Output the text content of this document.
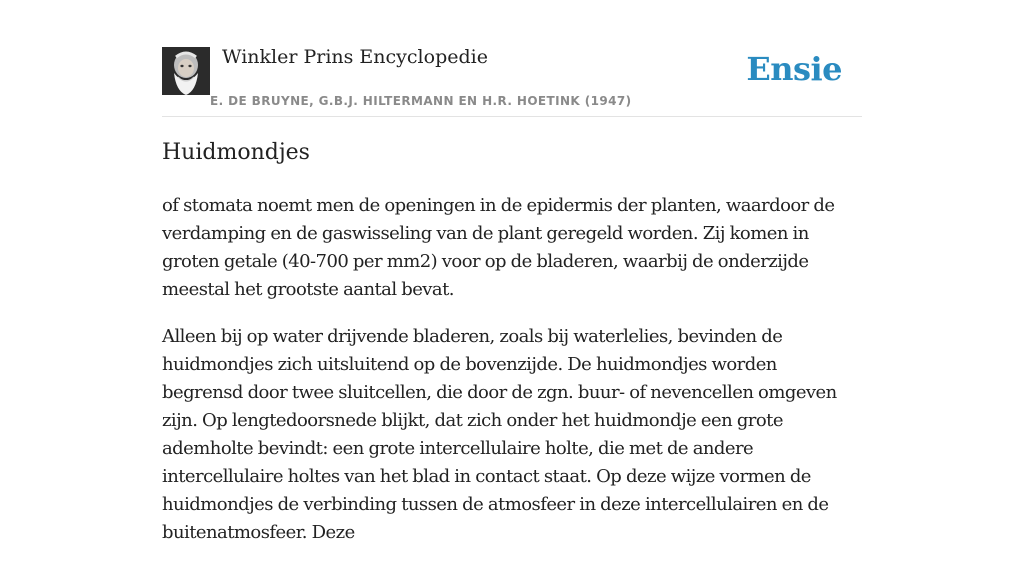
Winkler Prins Encyclopedie
E. DE BRUYNE, G.B.J. HILTERMANN EN H.R. HOETINK (1947)
Ensie
Huidmondjes

of stomata noemt men de openingen in de epidermis der planten, waardoor de verdamping en de gaswisseling van de plant geregeld worden. Zij komen in groten getale (40-700 per mm2) voor op de bladeren, waarbij de onderzijde meestal het grootste aantal bevat.

Alleen bij op water drijvende bladeren, zoals bij waterlelies, bevinden de huidmondjes zich uitsluitend op de bovenzijde. De huidmondjes worden begrensd door twee sluitcellen, die door de zgn. buur- of nevencellen omgeven zijn. Op lengtedoorsnede blijkt, dat zich onder het huidmondje een grote ademholte bevindt: een grote intercellulaire holte, die met de andere intercellulaire holtes van het blad in contact staat. Op deze wijze vormen de huidmondjes de verbinding tussen de atmosfeer in deze intercellulairen en de buitenatmosfeer. Deze
